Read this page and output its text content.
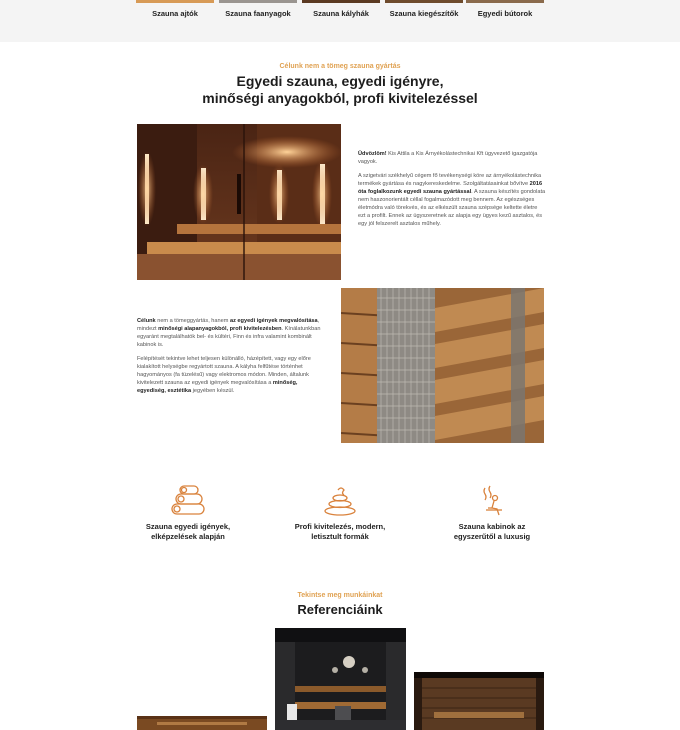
Szauna ajtók	Szauna faanyagok	Szauna kályhák	Szauna kiegészítők	Egyedi bútorok
Célunk nem a tömeg szauna gyártás
Egyedi szauna, egyedi igényre,
minőségi anyagokból, profi kivitelezéssel
Üdvözlöm! Kis Attila a Kis Árnyékolástechnikai Kft ügyvezető igazgatója vagyok.
A szigetvári székhelyű cégem fő tevékenységi köre az árnyékolástechnika termékek gyártása és nagykereskedelme. Szolgáltatásainkat bővítve 2016 óta foglalkozunk egyedi szauna gyártással. A szauna készítés gondolata nem haszonorientált céllal fogalmazódott meg bennem. Az egészséges életmódra való törekvés, és az elkészült szauna szépsége keltette életre ezt a profilt. Ennek az ügyszeretnek az alapja egy ügyes kezű asztalos, és egy jól felszerelt asztalos műhely.
Célunk nem a tömeggyártás, hanem az egyedi igények megvalósítása, mindezt minőségi alapanyagokból, profi kivitelezésben. Kínálatunkban egyaránt megtalálhatók bel- és kültéri, Finn és infra valamint kombinált kabinok is.
Felépítését tekintve lehet teljesen különálló, házépített, vagy egy előre kialakított helységbe regyártott szauna. A kályha felfűtése történhet hagyományos (fa tüzelésű) vagy elektromos módon. Minden, általunk kivitelezett szauna az egyedi igények megvalósítása a minőség, egyediség, esztétika jegyében készül.
Szauna egyedi igények,
elképzelések alapján
Profi kivitelezés, modern,
letisztult formák
Szauna kabinok az
egyszerűtől a luxusig
Tekintse meg munkáinkat
Referenciáink
